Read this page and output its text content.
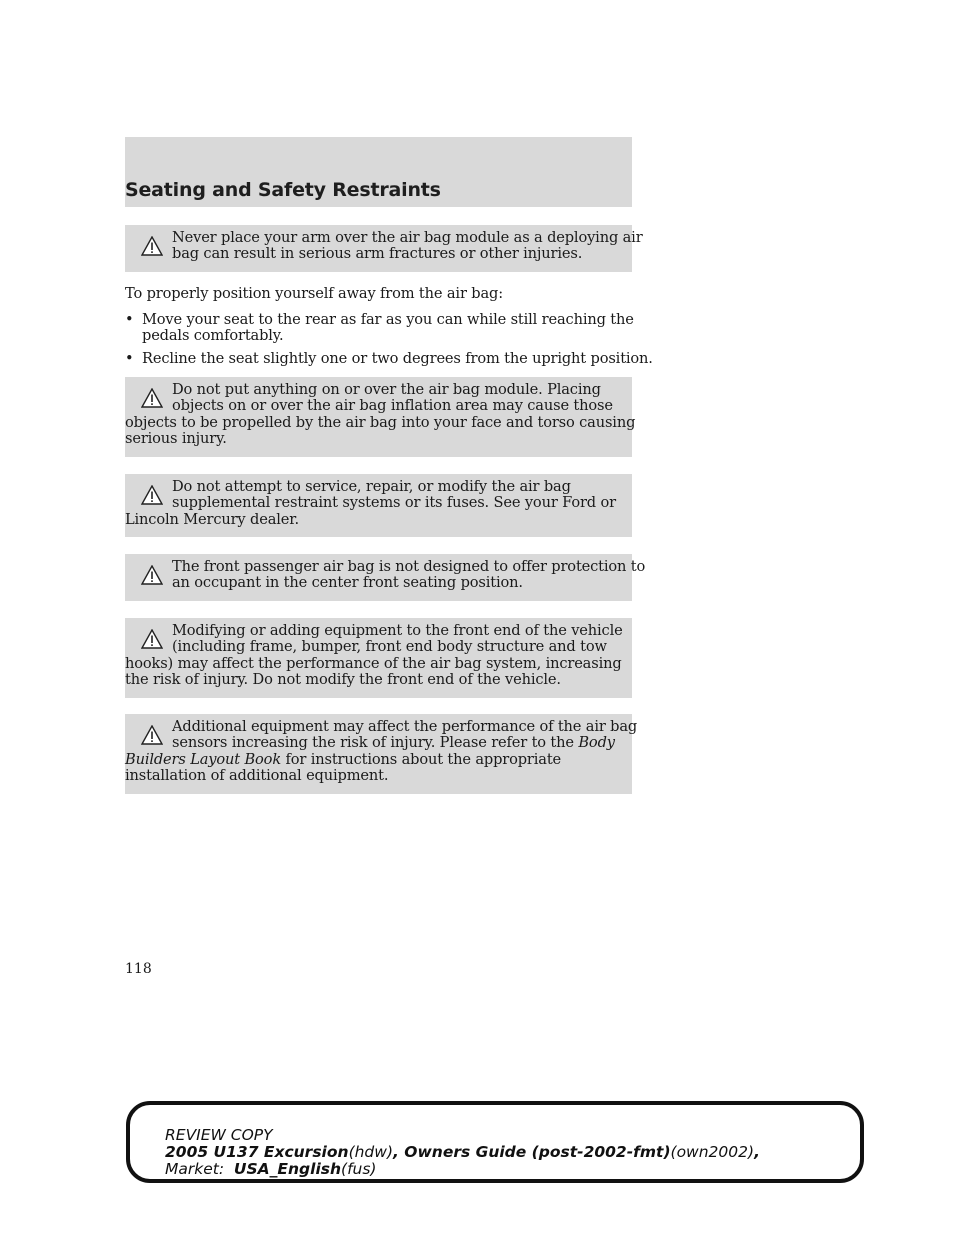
Seating and Safety Restraints
Never place your arm over the air bag module as a deploying air
bag can result in serious arm fractures or other injuries.
To properly position yourself away from the air bag:
• Move your seat to the rear as far as you can while still reaching the
pedals comfortably.
• Recline the seat slightly one or two degrees from the upright position.
Do not put anything on or over the air bag module. Placing
objects on or over the air bag inflation area may cause those
objects to be propelled by the air bag into your face and torso causing
serious injury.
Do not attempt to service, repair, or modify the air bag
supplemental restraint systems or its fuses. See your Ford or
Lincoln Mercury dealer.
The front passenger air bag is not designed to offer protection to
an occupant in the center front seating position.
Modifying or adding equipment to the front end of the vehicle
(including frame, bumper, front end body structure and tow
hooks) may affect the performance of the air bag system, increasing
the risk of injury. Do not modify the front end of the vehicle.
Additional equipment may affect the performance of the air bag
sensors increasing the risk of injury. Please refer to the Body
Builders Layout Book for instructions about the appropriate
installation of additional equipment.
118
REVIEW COPY
2005 U137 Excursion(hdw), Owners Guide (post-2002-fmt)(own2002),
Market: USA_English(fus)
